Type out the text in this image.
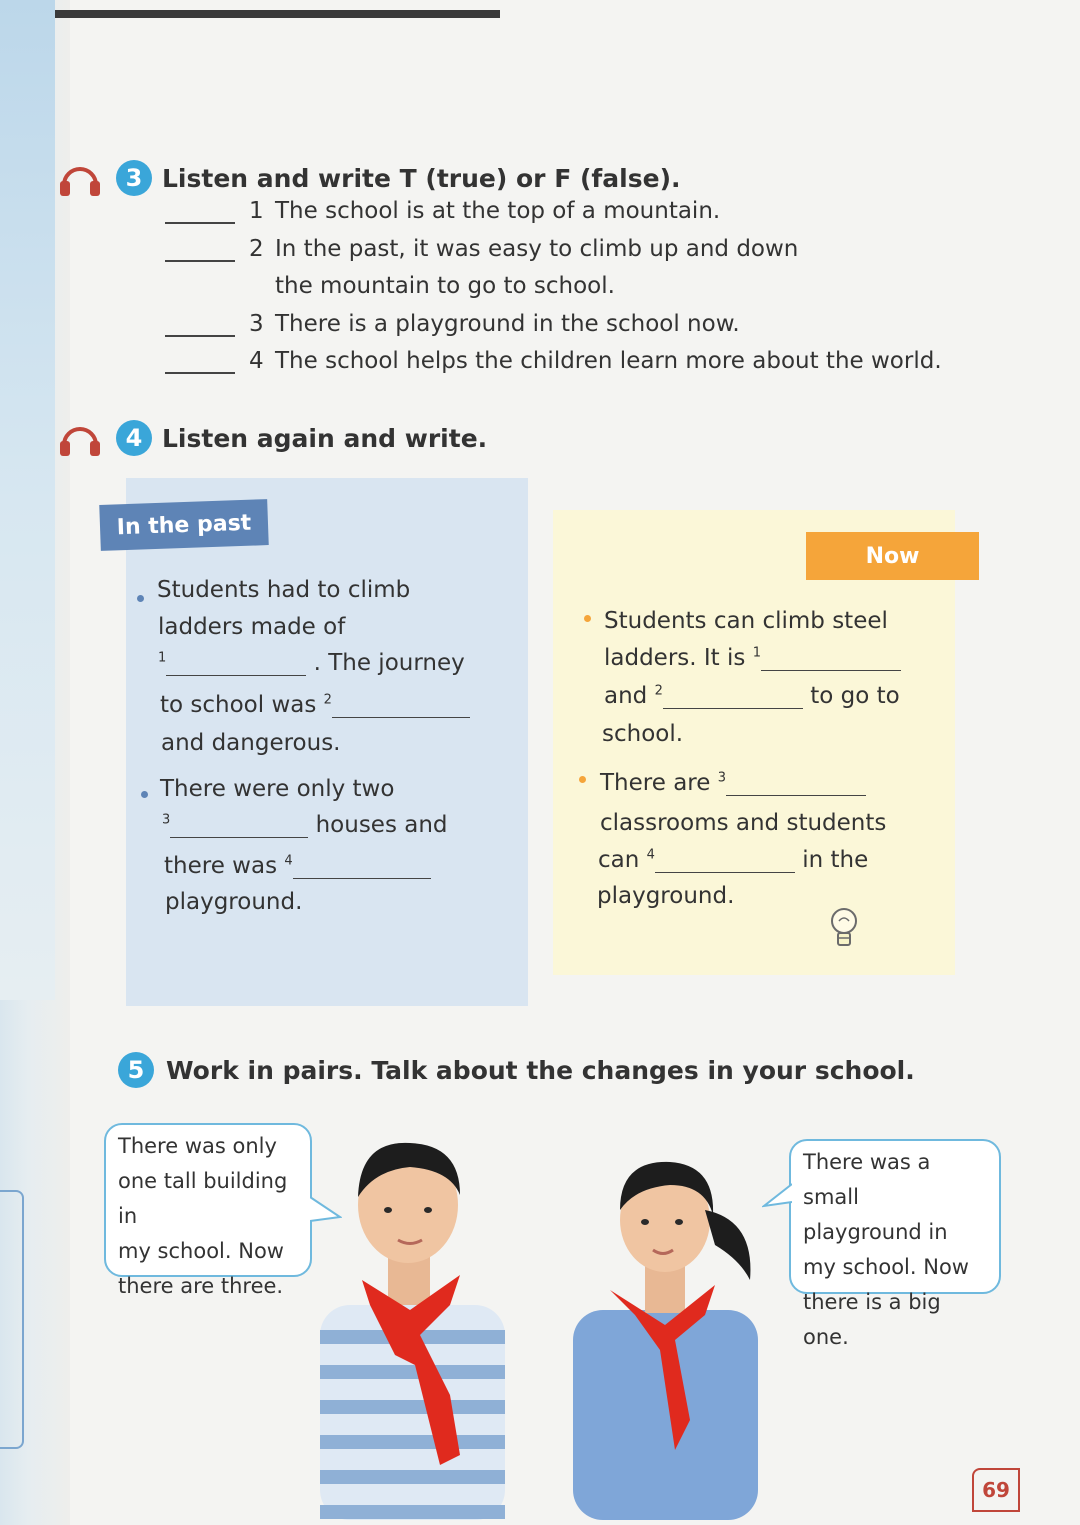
3 Listen and write T (true) or F (false).
1 The school is at the top of a mountain.
2 In the past, it was easy to climb up and down
the mountain to go to school.
3 There is a playground in the school now.
4 The school helps the children learn more about the world.
4 Listen again and write.
In the past
Students had to climb
ladders made of
$^1$	. The journey
to school was $^2$
and dangerous.
There were only two
$^3$	houses and
there was $^4$
playground.
Now
Students can climb steel
ladders. It is $^1$
and $^2$	to go to
school.
There are $^3$
classrooms and students
can $^4$	in the
playground.
5 Work in pairs. Talk about the changes in your school.
There was only
one tall building in
my school. Now
there are three.
There was a small
playground in
my school. Now
there is a big one.
69
